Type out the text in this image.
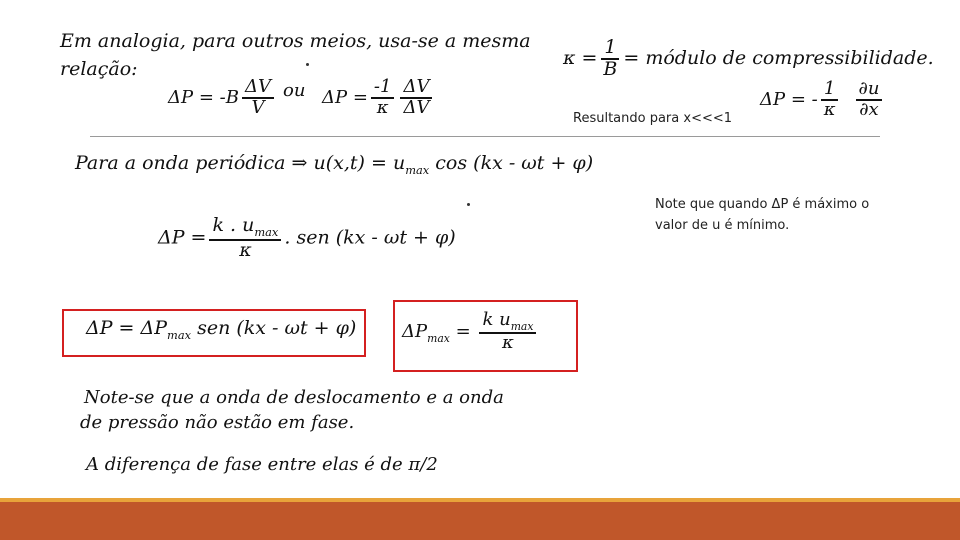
Em analogia, para outros meios, usa-se a mesma
relação:
$\Delta P = -B \frac{\Delta V}{V}$ ou $\Delta P = \frac{-1}{\kappa} \frac{\Delta V}{\Delta V}$
$\kappa = \frac{1}{B}$ = módulo de compressibilidade.
ΔP = - $\frac{1}{\kappa} \frac{\partial u}{\partial x}$
Resultando para x<<<1
Para a onda periódica ⇒ $u(x,t) = u_{max}$ cos (kx - ωt + φ)
Note que quando ΔP é máximo o
valor de u é mínimo.
$\Delta P = \frac{k . u_{max}}{\kappa}$ . sen (kx - ωt + φ)
$\Delta P = \Delta P_{max}$ sen (kx - ωt + φ)	$\Delta P_{max} = \frac{k u_{max}}{\kappa}$
Note-se que a onda de deslocamento e a onda
de pressão não estão em fase.
A diferença de fase entre elas é de π/2
